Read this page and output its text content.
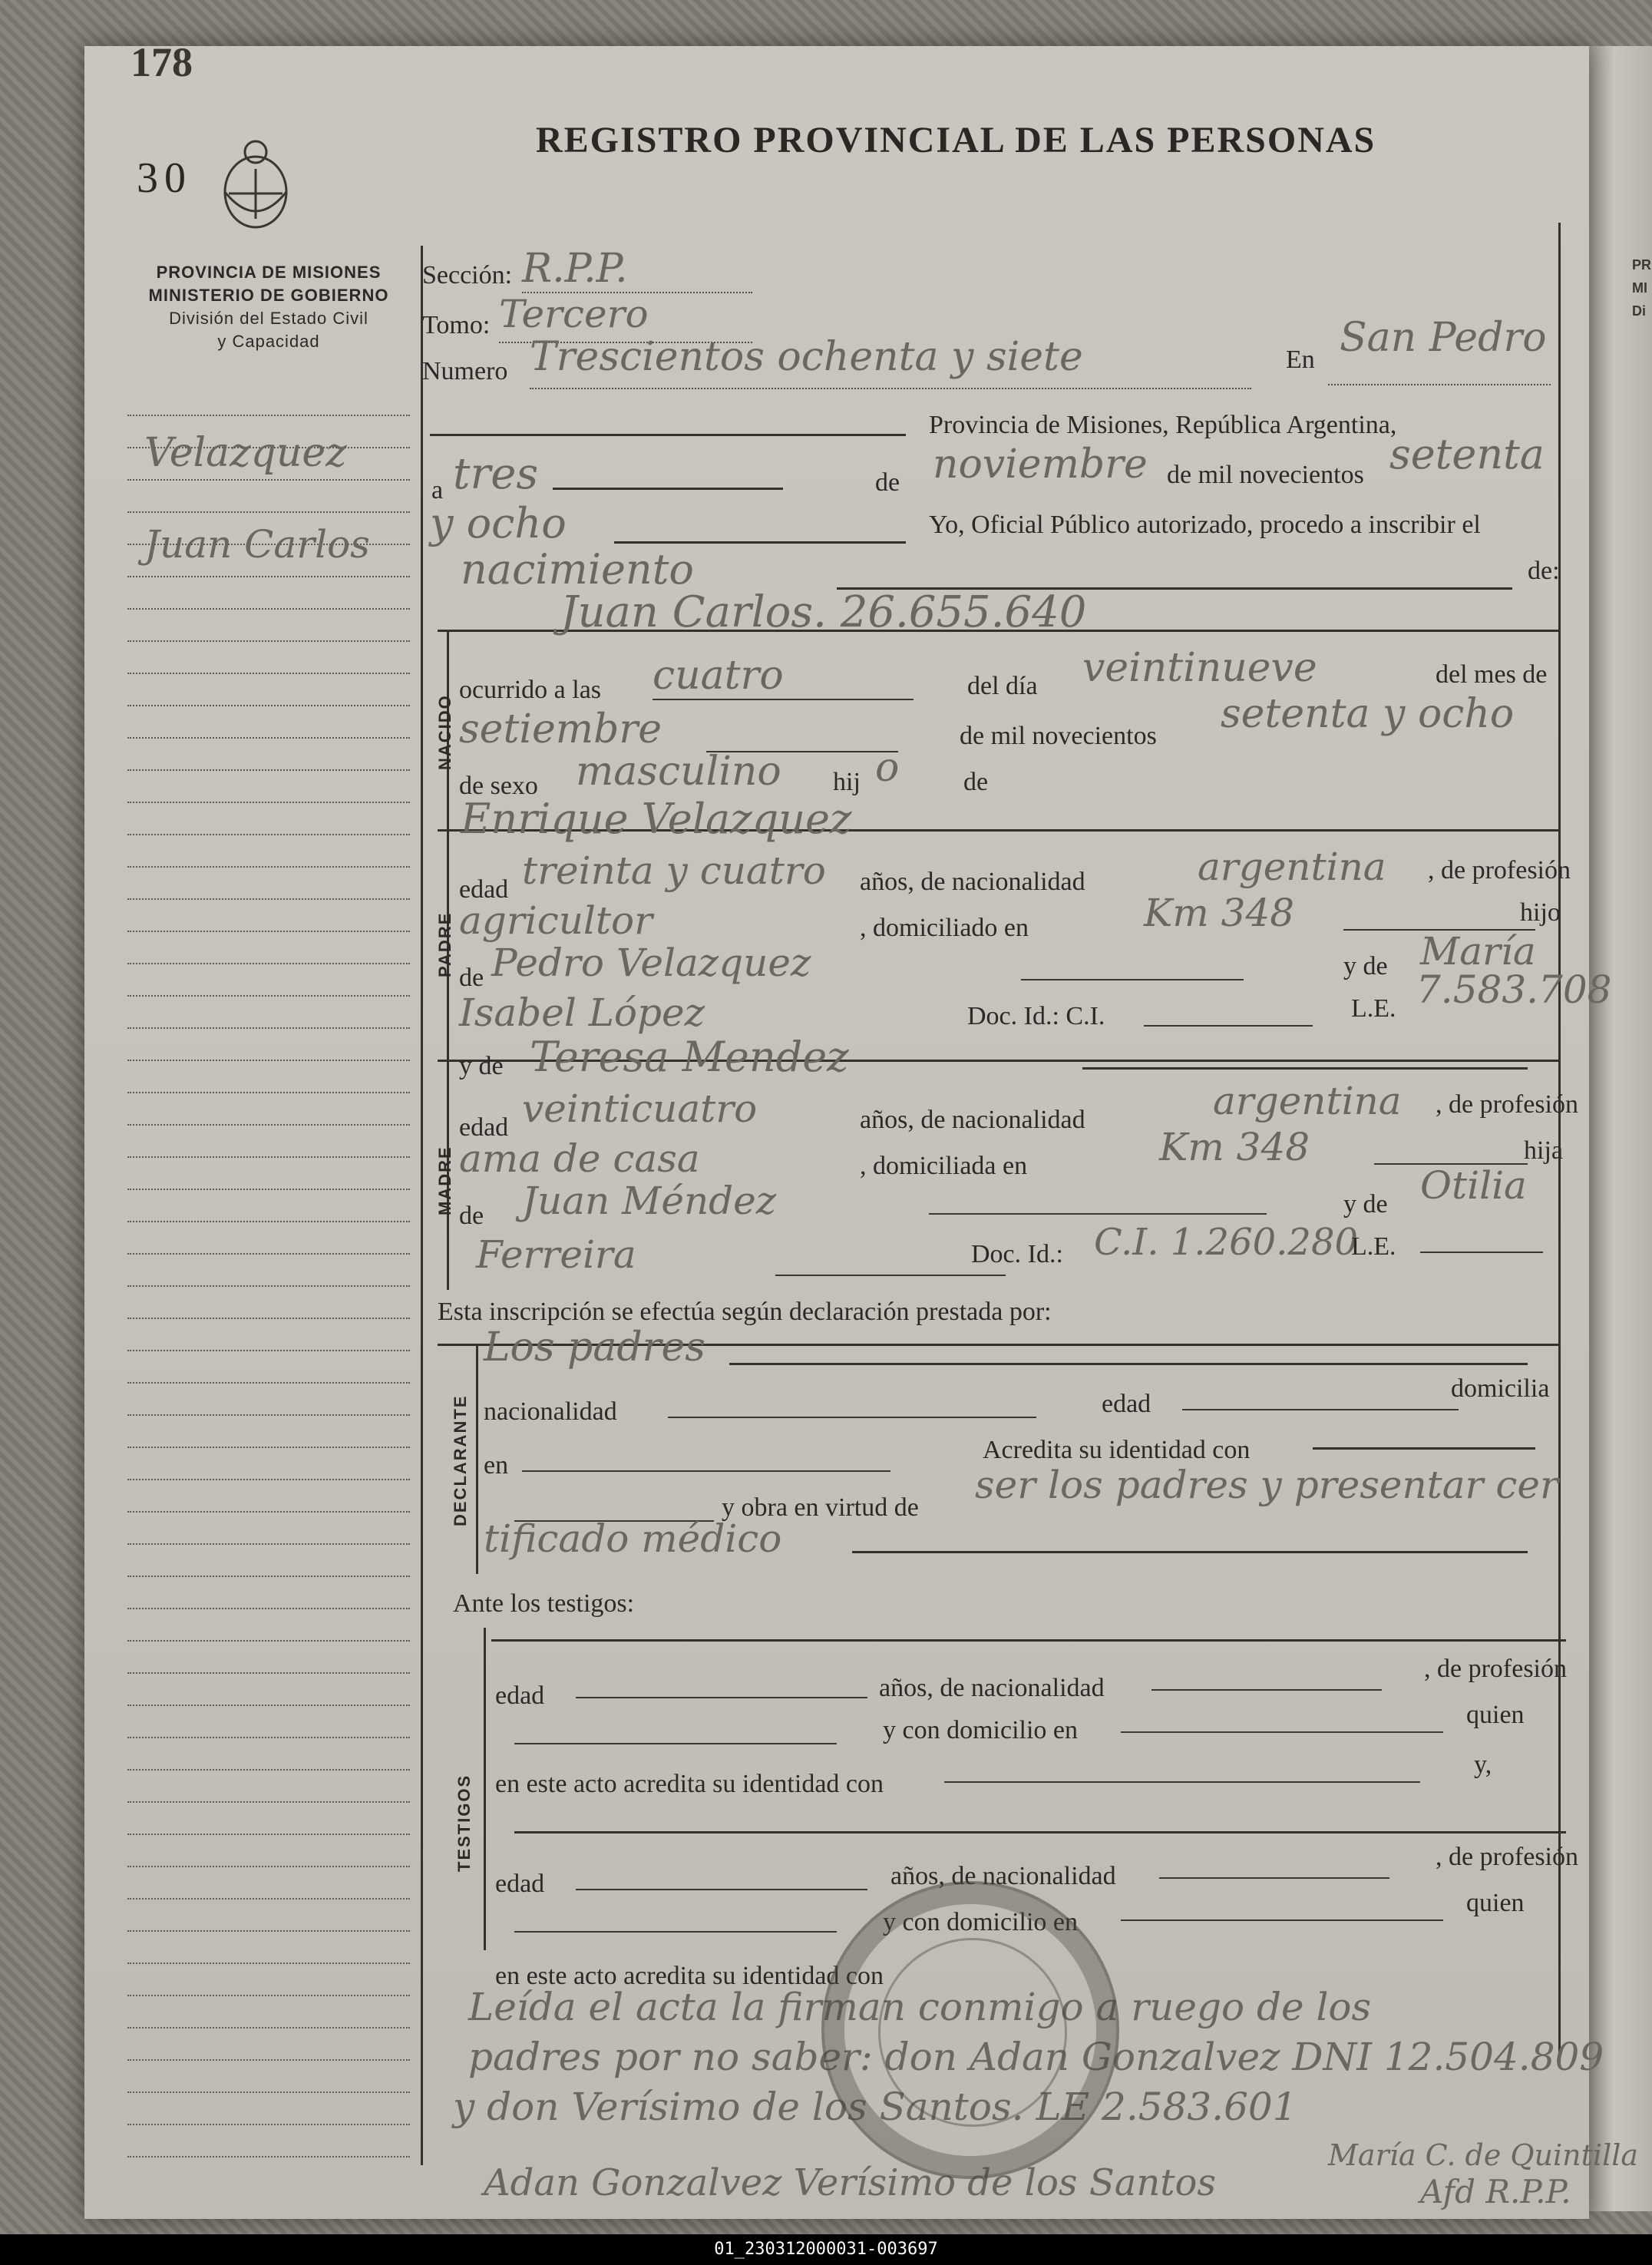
PR
MI
Di
178
30
REGISTRO PROVINCIAL DE LAS PERSONAS
PROVINCIA DE MISIONES
MINISTERIO DE GOBIERNO
División del Estado Civil
y Capacidad
Velazquez
Juan Carlos
Sección: R.P.P.
Tomo: Tercero
Numero Trescientos ochenta y siete	En San Pedro
Provincia de Misiones, República Argentina,
a tres	de noviembre de mil novecientos setenta
y ocho	Yo, Oficial Público autorizado, procedo a inscribir el
nacimiento	de:
NACIDO
Juan Carlos. 26.655.640
ocurrido a las cuatro	del día veintinueve	del mes de
setiembre	de mil novecientos setenta y ocho
de sexo masculino hij o de
PADRE
Enrique Velazquez
edad treinta y cuatro años, de nacionalidad	argentina , de profesión
agricultor	, domiciliado en	Km 348	hijo
de Pedro Velazquez	y de María
Isabel López	Doc. Id.: C.I.	L.E. 7.583.708
MADRE
y de Teresa Mendez
edad veinticuatro	años, de nacionalidad	argentina , de profesión
ama de casa	, domiciliada en	Km 348	hija
de Juan Méndez	y de Otilia
Ferreira	Doc. Id.: C.I. 1.260.280
L.E.
Esta inscripción se efectúa según declaración prestada por:
DECLARANTE
Los padres
nacionalidad	edad
domicilia
en
Acredita su identidad con
y obra en virtud de
ser los padres y presentar cer
tificado médico
Ante los testigos:
TESTIGOS
edad	años, de nacionalidad
, de profesión
y con domicilio en
quien
en este acto acredita su identidad con
y,
edad	años, de nacionalidad
, de profesión
y con domicilio en
quien
en este acto acredita su identidad con
Leída el acta la firman conmigo a ruego de los
padres por no saber: don Adan Gonzalvez DNI 12.504.809
y don Verísimo de los Santos. LE 2.583.601
Adan Gonzalvez Verísimo de los Santos
María C. de Quintilla
Afd R.P.P.
01_230312000031-003697
